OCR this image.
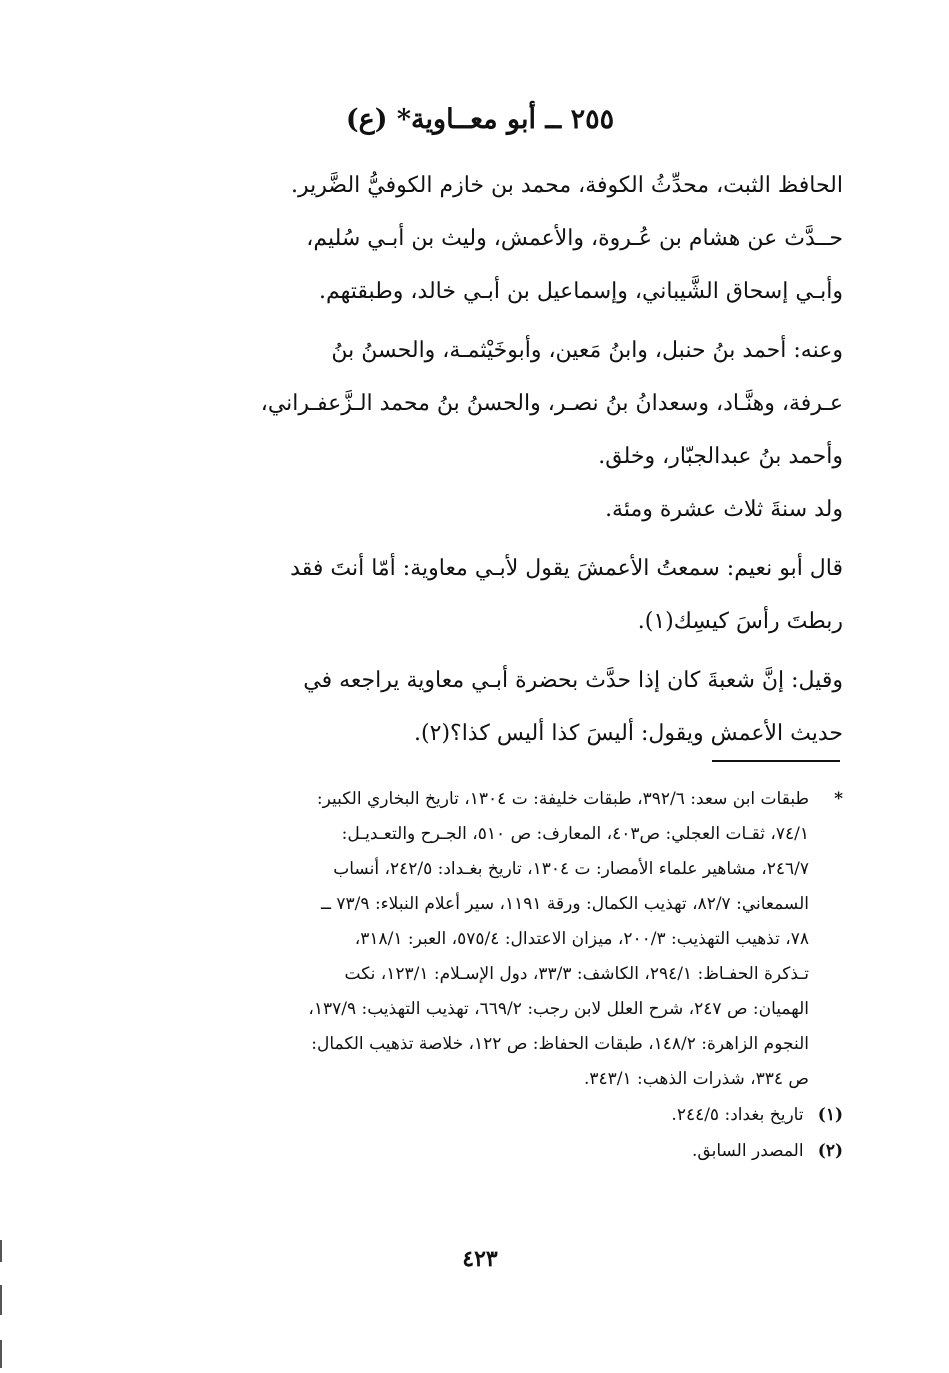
٢٥٥ ــ أبو معــاوية* (ع)

الحافظ الثبت، محدِّثُ الكوفة، محمد بن خازم الكوفيُّ الضَّرير.

حــدَّث عن هشام بن عُـروة، والأعمش، وليث بن أبـي سُليم،
وأبـي إسحاق الشَّيباني، وإسماعيل بن أبـي خالد، وطبقتهم.

وعنه: أحمد بنُ حنبل، وابنُ مَعين، وأبوخَيْثمـة، والحسنُ بنُ
عـرفة، وهنَّـاد، وسعدانُ بنُ نصـر، والحسنُ بنُ محمد الـزَّعفـراني،
وأحمد بنُ عبدالجبّار، وخلق.

ولد سنةَ ثلاث عشرة ومئة.

قال أبو نعيم: سمعتُ الأعمشَ يقول لأبـي معاوية: أمّا أنتَ فقد
ربطتَ رأسَ كيسِك(١).

وقيل: إنَّ شعبةَ كان إذا حدَّث بحضرة أبـي معاوية يراجعه في
حديث الأعمش ويقول: أليسَ كذا أليس كذا؟(٢).

*طبقات ابن سعد: ٣٩٢/٦، طبقات خليفة: ت ١٣٠٤، تاريخ البخاري الكبير:
٧٤/١، ثقـات العجلي: ص٤٠٣، المعارف: ص ٥١٠، الجـرح والتعـديـل:
٢٤٦/٧، مشاهير علماء الأمصار: ت ١٣٠٤، تاريخ بغـداد: ٢٤٢/٥، أنساب
السمعاني: ٨٢/٧، تهذيب الكمال: ورقة ١١٩١، سير أعلام النبلاء: ٧٣/٩ ــ
٧٨، تذهيب التهذيب: ٢٠٠/٣، ميزان الاعتدال: ٥٧٥/٤، العبر: ٣١٨/١،
تـذكرة الحفـاظ: ٢٩٤/١، الكاشف: ٣٣/٣، دول الإسـلام: ١٢٣/١، نكت
الهميان: ص ٢٤٧، شرح العلل لابن رجب: ٦٦٩/٢، تهذيب التهذيب: ١٣٧/٩،
النجوم الزاهرة: ١٤٨/٢، طبقات الحفاظ: ص ١٢٢، خلاصة تذهيب الكمال:
ص ٣٣٤، شذرات الذهب: ٣٤٣/١.
(١) تاريخ بغداد: ٢٤٤/٥.
(٢) المصدر السابق.
٤٢٣
